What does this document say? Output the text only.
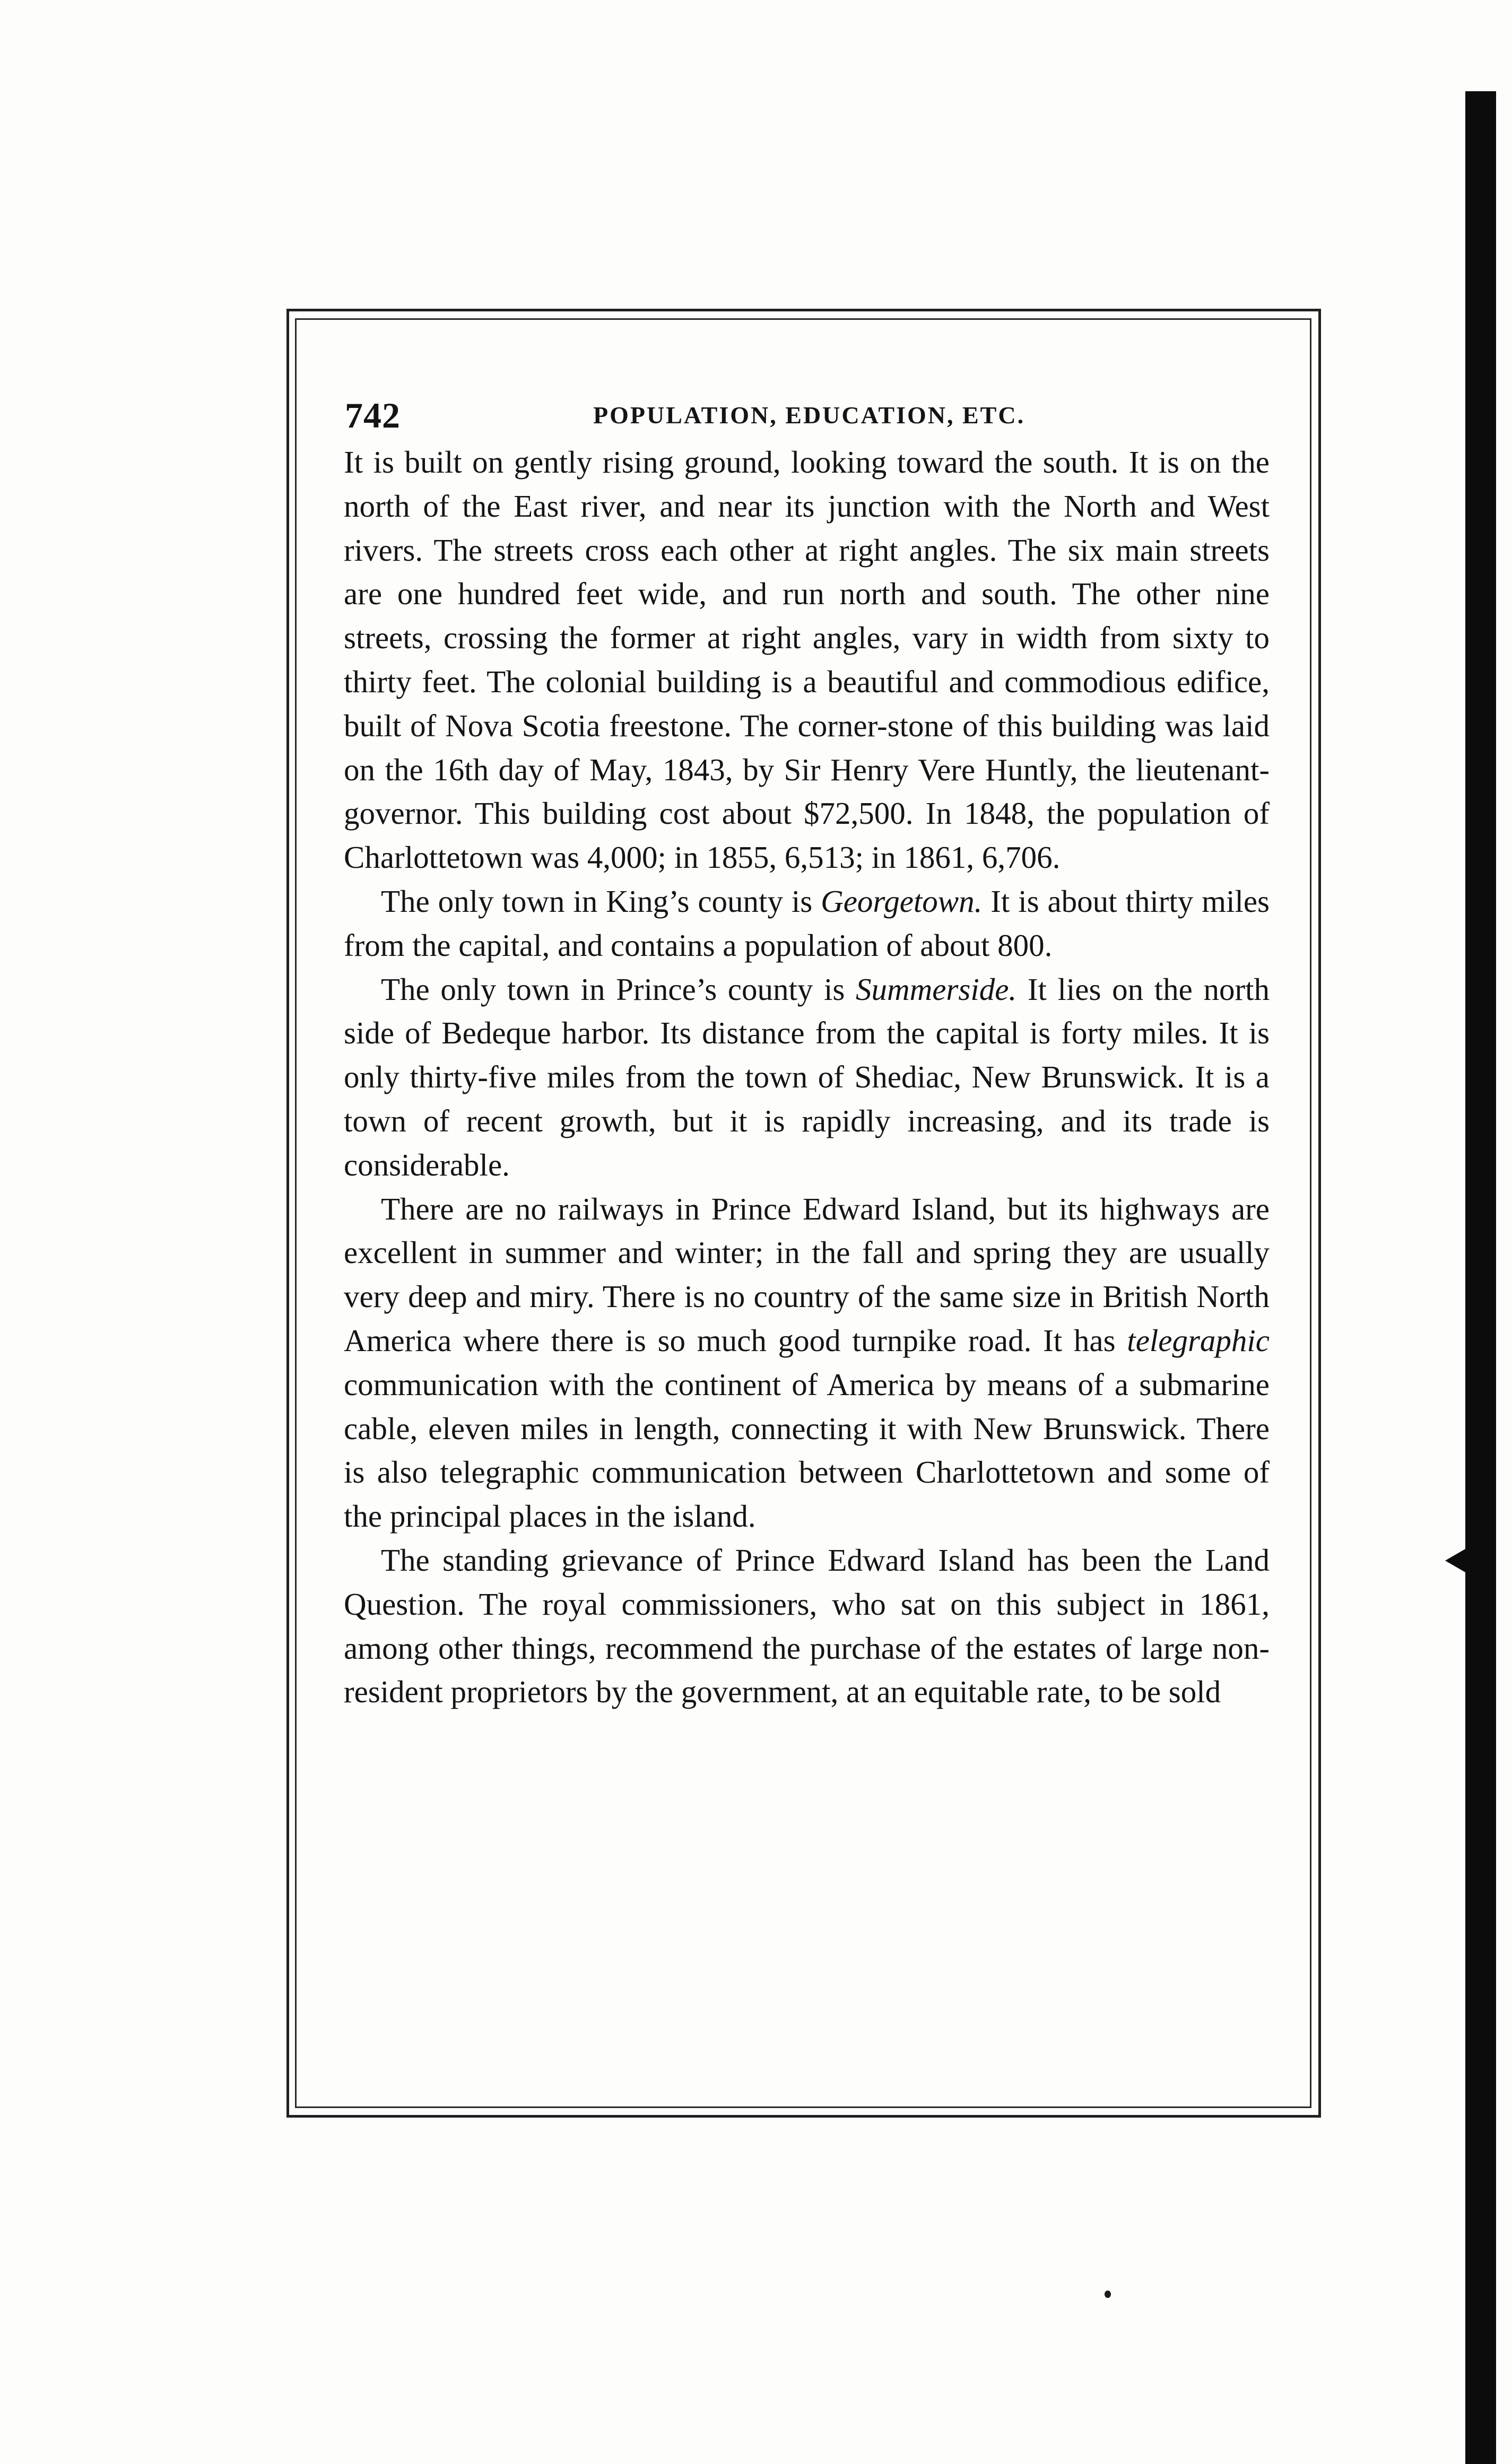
742	POPULATION, EDUCATION, ETC.

It is built on gently rising ground, looking toward the south. It is on the north of the East river, and near its junction with the North and West rivers. The streets cross each other at right angles. The six main streets are one hundred feet wide, and run north and south. The other nine streets, crossing the former at right angles, vary in width from sixty to thirty feet. The colonial building is a beautiful and commodious edifice, built of Nova Scotia freestone. The corner-stone of this building was laid on the 16th day of May, 1843, by Sir Henry Vere Huntly, the lieutenant-governor. This building cost about $72,500. In 1848, the population of Charlottetown was 4,000; in 1855, 6,513; in 1861, 6,706.

The only town in King’s county is Georgetown. It is about thirty miles from the capital, and contains a population of about 800.

The only town in Prince’s county is Summerside. It lies on the north side of Bedeque harbor. Its distance from the capital is forty miles. It is only thirty-five miles from the town of Shediac, New Brunswick. It is a town of recent growth, but it is rapidly increasing, and its trade is considerable.

There are no railways in Prince Edward Island, but its highways are excellent in summer and winter; in the fall and spring they are usually very deep and miry. There is no country of the same size in British North America where there is so much good turnpike road. It has telegraphic communication with the continent of America by means of a submarine cable, eleven miles in length, connecting it with New Brunswick. There is also telegraphic communication between Charlottetown and some of the principal places in the island.

The standing grievance of Prince Edward Island has been the Land Question. The royal commissioners, who sat on this subject in 1861, among other things, recommend the purchase of the estates of large non-resident proprietors by the government, at an equitable rate, to be sold
